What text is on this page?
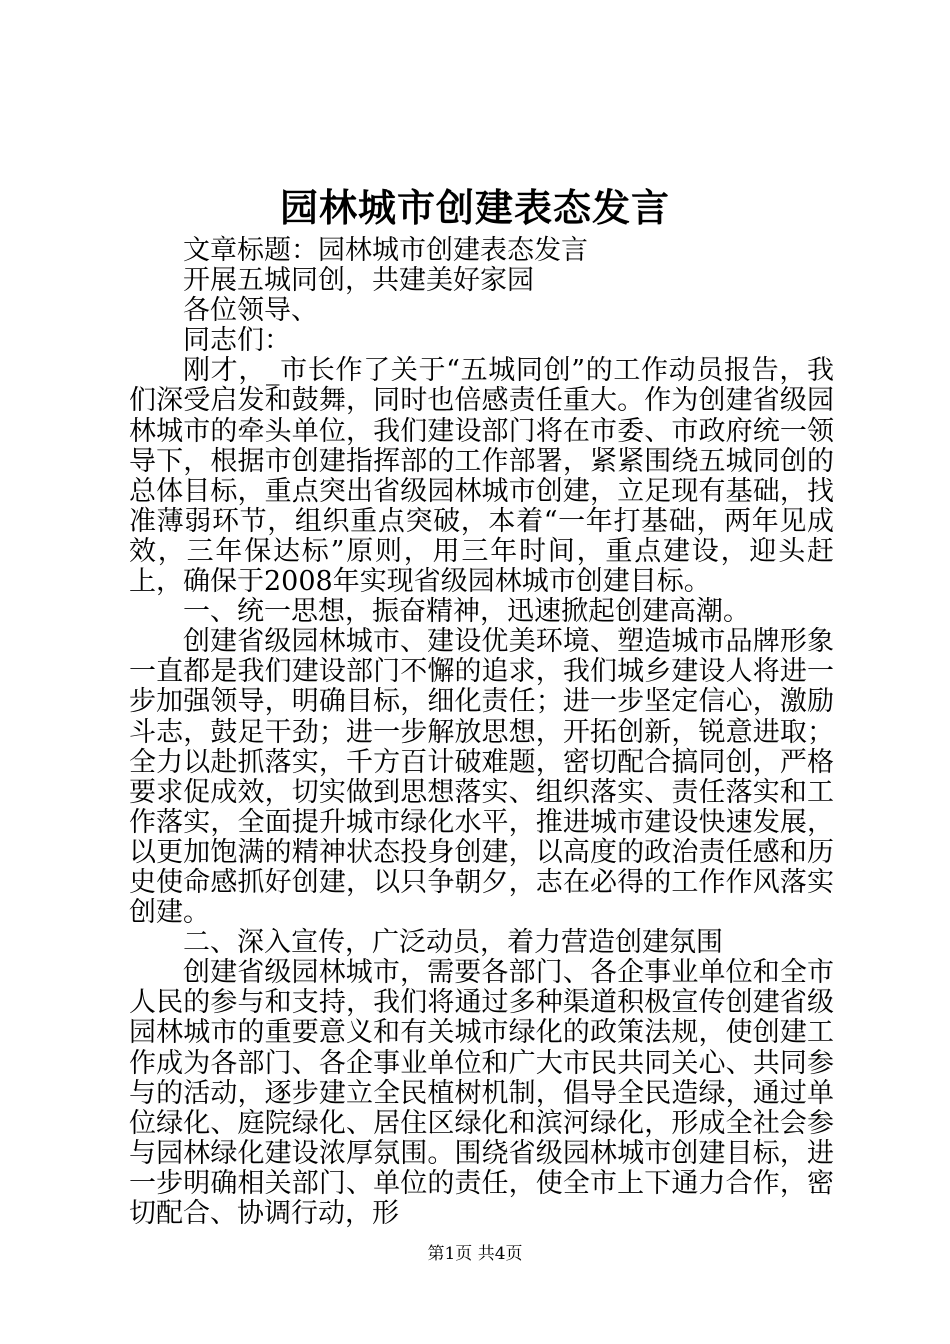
园林城市创建表态发言

文章标题：园林城市创建表态发言

开展五城同创，共建美好家园

各位领导、

同志们：

刚才，_市长作了关于“五城同创”的工作动员报告，我们深受启发和鼓舞，同时也倍感责任重大。作为创建省级园林城市的牵头单位，我们建设部门将在市委、市政府统一领导下，根据市创建指挥部的工作部署，紧紧围绕五城同创的总体目标，重点突出省级园林城市创建，立足现有基础，找准薄弱环节，组织重点突破，本着“一年打基础，两年见成效，三年保达标”原则，用三年时间，重点建设，迎头赶上，确保于2008年实现省级园林城市创建目标。

一、统一思想，振奋精神，迅速掀起创建高潮。

创建省级园林城市、建设优美环境、塑造城市品牌形象一直都是我们建设部门不懈的追求，我们城乡建设人将进一步加强领导，明确目标，细化责任；进一步坚定信心，激励斗志，鼓足干劲；进一步解放思想，开拓创新，锐意进取；全力以赴抓落实，千方百计破难题，密切配合搞同创，严格要求促成效，切实做到思想落实、组织落实、责任落实和工作落实，全面提升城市绿化水平，推进城市建设快速发展，以更加饱满的精神状态投身创建，以高度的政治责任感和历史使命感抓好创建，以只争朝夕，志在必得的工作作风落实创建。

二、深入宣传，广泛动员，着力营造创建氛围

创建省级园林城市，需要各部门、各企事业单位和全市人民的参与和支持，我们将通过多种渠道积极宣传创建省级园林城市的重要意义和有关城市绿化的政策法规，使创建工作成为各部门、各企事业单位和广大市民共同关心、共同参与的活动，逐步建立全民植树机制，倡导全民造绿，通过单位绿化、庭院绿化、居住区绿化和滨河绿化，形成全社会参与园林绿化建设浓厚氛围。围绕省级园林城市创建目标，进一步明确相关部门、单位的责任，使全市上下通力合作，密切配合、协调行动，形

第1页 共4页
